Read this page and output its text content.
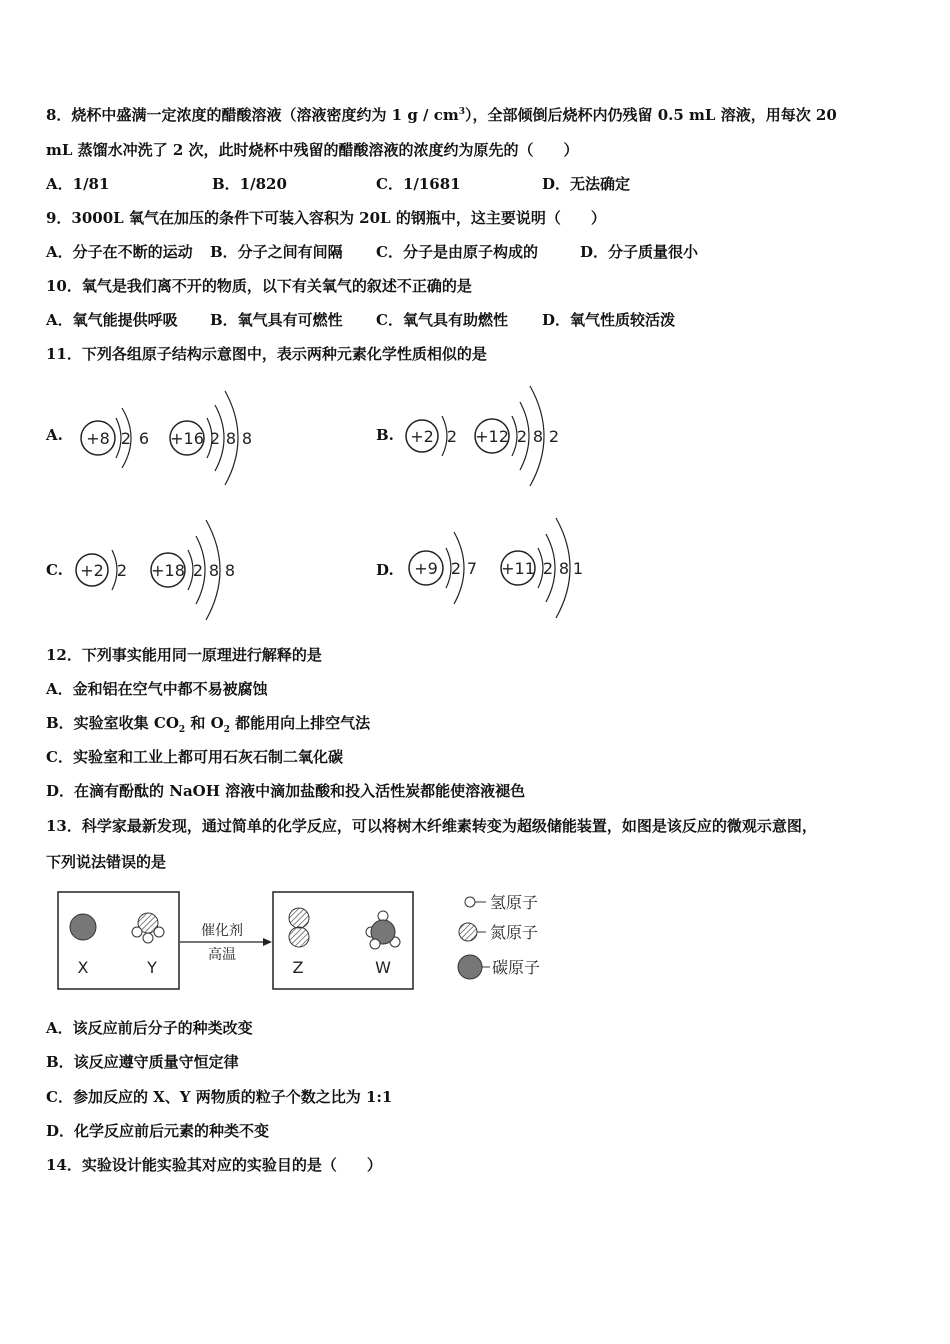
8．烧杯中盛满一定浓度的醋酸溶液（溶液密度约为 1 g / $cm^3$），全部倾倒后烧杯内仍残留 0.5 mL 溶液，用每次 20
mL 蒸馏水冲洗了 2 次，此时烧杯中残留的醋酸溶液的浓度约为原先的（　　）
A．1/81	B．1/820	C．1/1681	D．无法确定
9．3000L 氧气在加压的条件下可装入容积为 20L 的钢瓶中，这主要说明（　　）
A．分子在不断的运动 B．分子之间有间隔 C．分子是由原子构成的	D．分子质量很小
10．氧气是我们离不开的物质，以下有关氧气的叙述不正确的是
A．氧气能提供呼吸 B．氧气具有可燃性 C．氧气具有助燃性 D．氧气性质较活泼
11．下列各组原子结构示意图中，表示两种元素化学性质相似的是
A.	B.
C.	D.
+8 2 6 +16 2 8 8	+2 2 +12 2 8 2
+2 2 +18 2 8 8	+9 2 7 +11 2 8 1
12．下列事实能用同一原理进行解释的是
A．金和铝在空气中都不易被腐蚀
B．实验室收集 $CO_2$ 和 $O_2$ 都能用向上排空气法
C．实验室和工业上都可用石灰石制二氧化碳
D．在滴有酚酞的 NaOH 溶液中滴加盐酸和投入活性炭都能使溶液褪色
13．科学家最新发现，通过简单的化学反应，可以将树木纤维素转变为超级储能装置，如图是该反应的微观示意图，
下列说法错误的是
X	Y
催化剂
高温
Z	W
氢原子
氮原子
碳原子
A．该反应前后分子的种类改变
B．该反应遵守质量守恒定律
C．参加反应的 X、Y 两物质的粒子个数之比为 1:1
D．化学反应前后元素的种类不变
14．实验设计能实验其对应的实验目的是（　　）
